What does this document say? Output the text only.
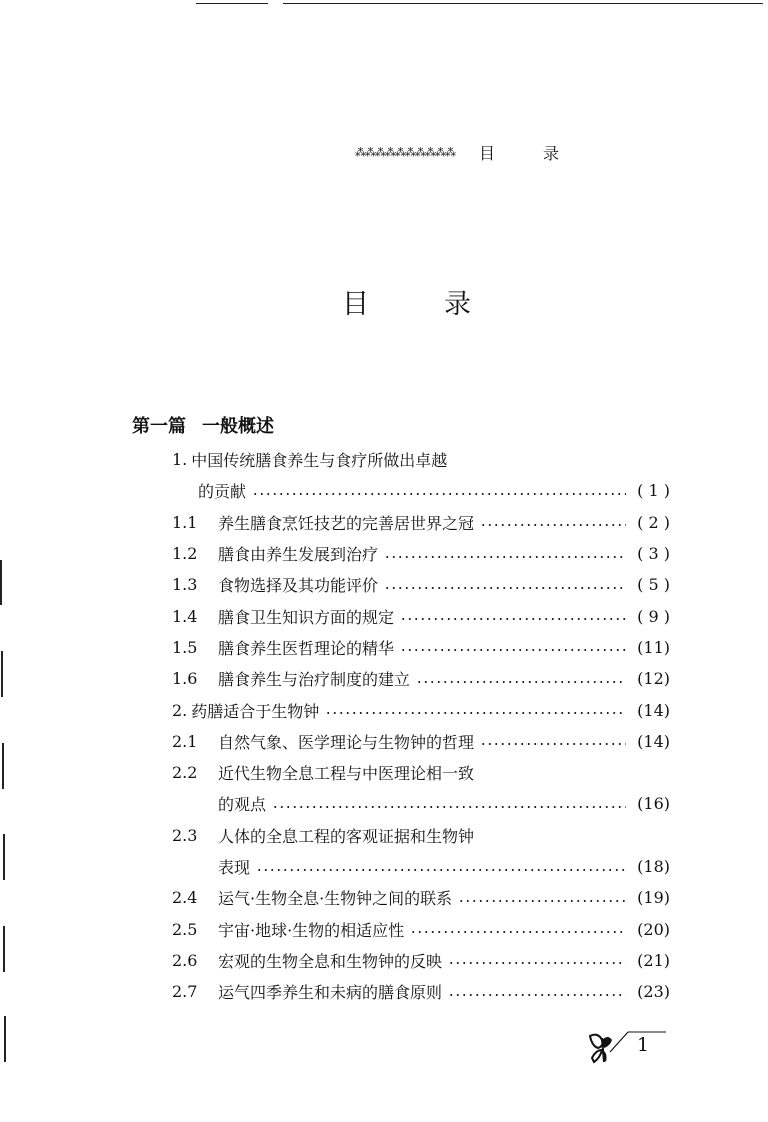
⁂⁂⁂⁂⁂⁂⁂⁂⁂⁂ 目	录
目	录
第一篇 一般概述
1. 中国传统膳食养生与食疗所做出卓越
的贡献	( 1 )
1.1	养生膳食烹饪技艺的完善居世界之冠	( 2 )
1.2	膳食由养生发展到治疗	( 3 )
1.3	食物选择及其功能评价	( 5 )
1.4	膳食卫生知识方面的规定	( 9 )
1.5	膳食养生医哲理论的精华	(11)
1.6	膳食养生与治疗制度的建立	(12)
2. 药膳适合于生物钟	(14)
2.1	自然气象、医学理论与生物钟的哲理	(14)
2.2	近代生物全息工程与中医理论相一致
的观点	(16)
2.3	人体的全息工程的客观证据和生物钟
表现	(18)
2.4	运气·生物全息·生物钟之间的联系	(19)
2.5	宇宙·地球·生物的相适应性	(20)
2.6	宏观的生物全息和生物钟的反映	(21)
2.7	运气四季养生和未病的膳食原则	(23)
1
